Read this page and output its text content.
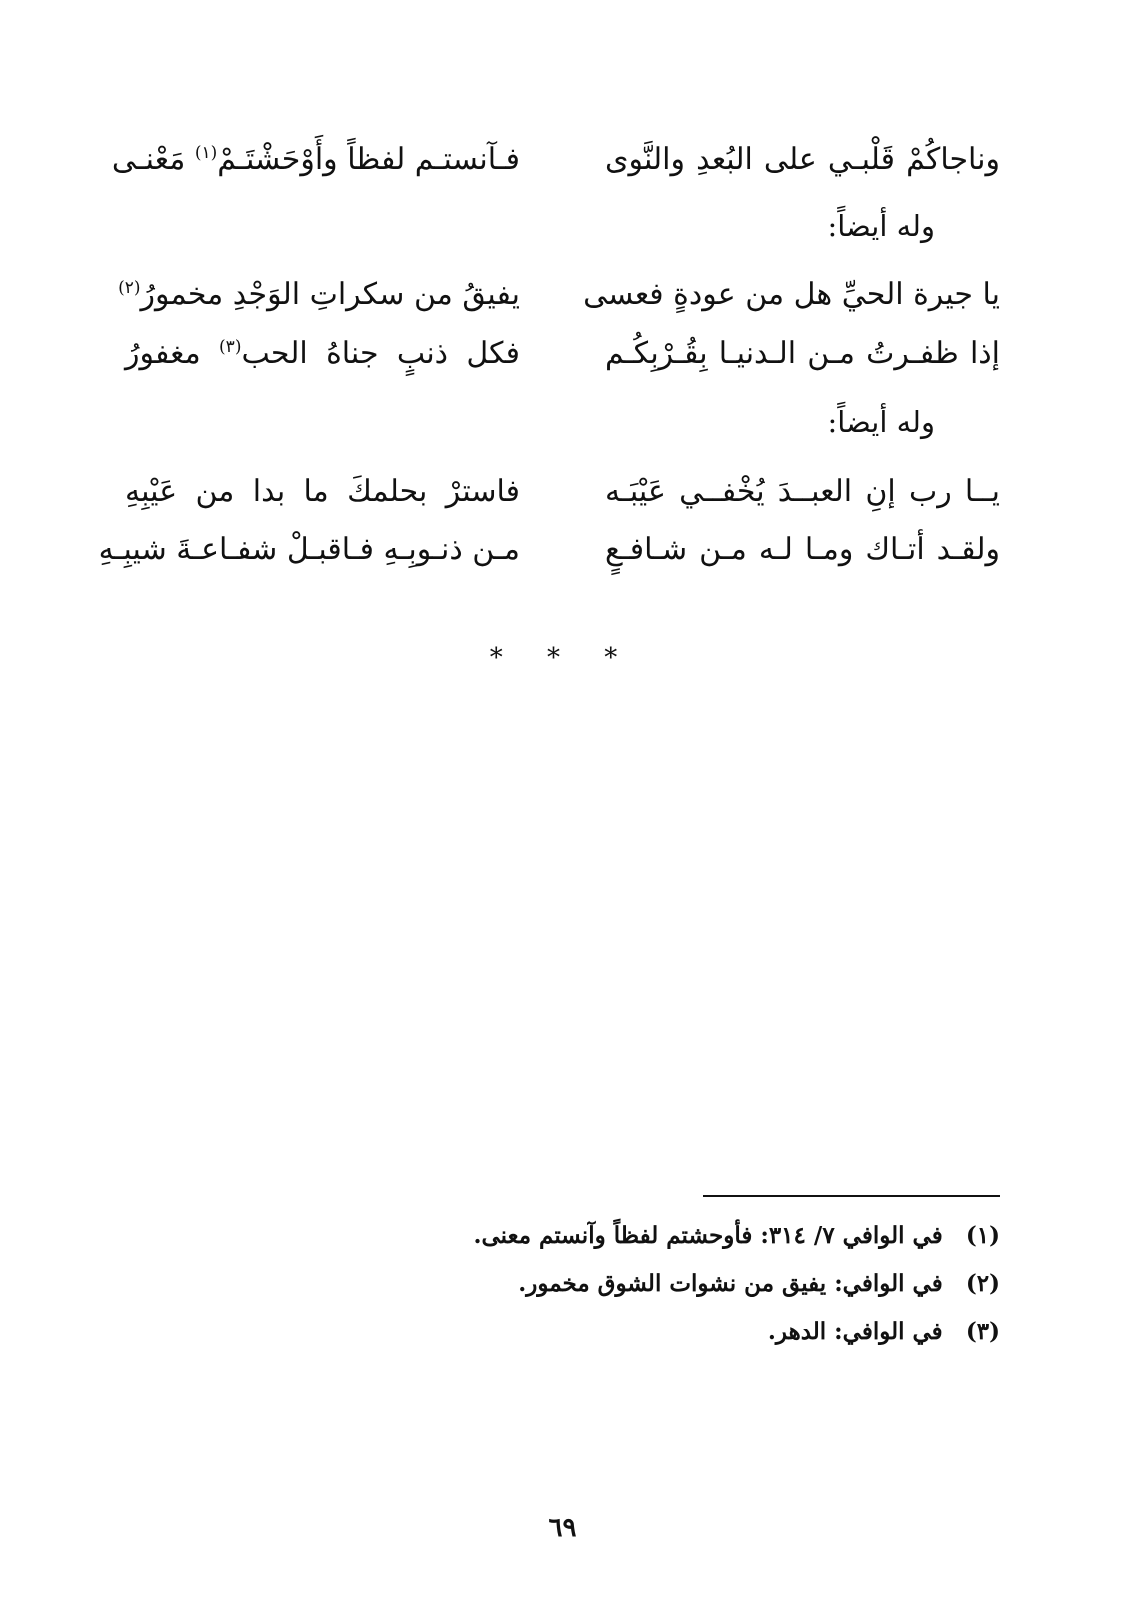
وناجاكُمْ قَلْبـي على البُعدِ والنَّوى
فـآنستـم لفظاً وأَوْحَشْتَـمْ$^{(١)}$ مَعْنـى
وله أيضاً:
يا جيرة الحيِّ هل من عودةٍ فعسى
يفيقُ من سكراتِ الوَجْدِ مخمورُ$^{(٢)}$
إذا ظفـرتُ مـن الـدنيـا بِقُـرْبِكُـم
فكل ذنبٍ جناهُ الحب$^{(٣)}$ مغفورُ
وله أيضاً:
يــا رب إنِ العبــدَ يُخْفــي عَيْبَـه
فاسترْ بحلمكَ ما بدا من عَيْبِهِ
ولقـد أتـاك ومـا لـه مـن شـافـعٍ
مـن ذنـوبِـهِ فـاقبـلْ شفـاعـةَ شيبِـهِ
* * *
(١) في الوافي ٧/ ٣١٤: فأوحشتم لفظاً وآنستم معنى.
(٢) في الوافي: يفيق من نشوات الشوق مخمور.
(٣) في الوافي: الدهر.
٦٩
